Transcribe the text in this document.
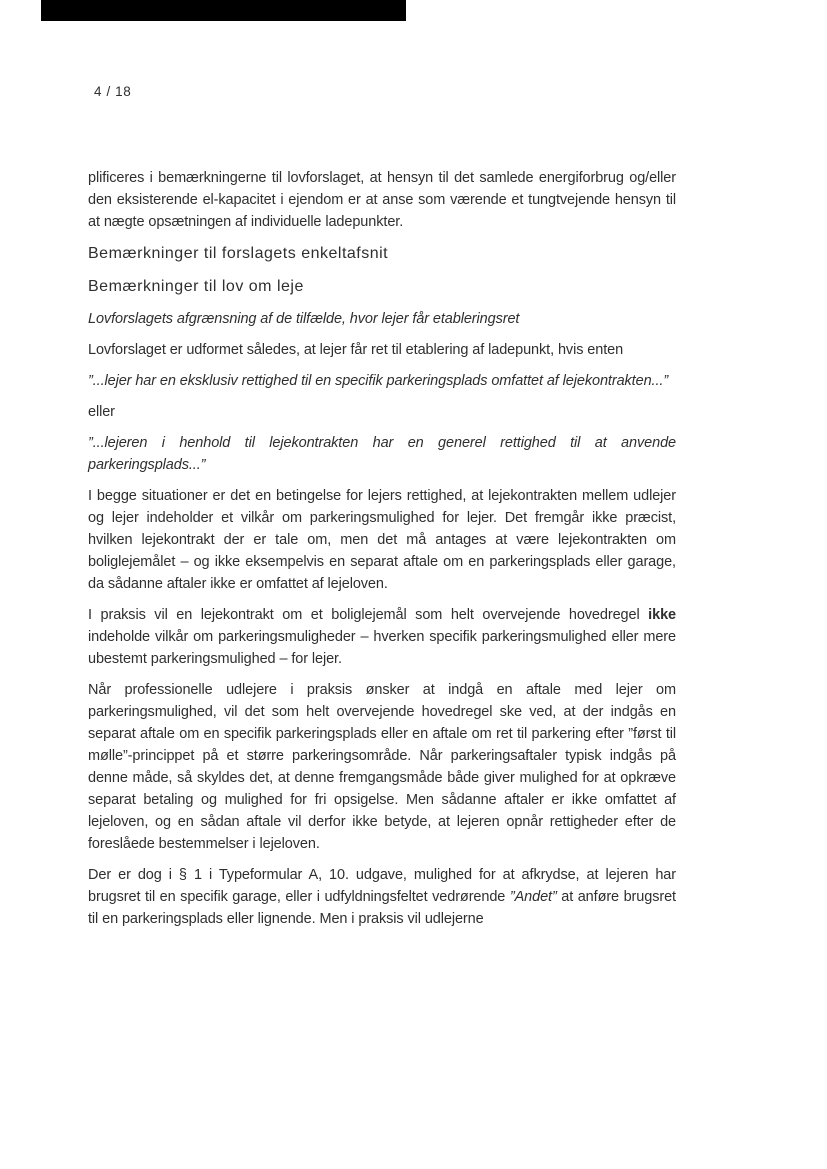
4 / 18

plificeres i bemærkningerne til lovforslaget, at hensyn til det samlede energiforbrug og/eller den eksisterende el-kapacitet i ejendom er at anse som værende et tungtvejende hensyn til at nægte opsætningen af individuelle ladepunkter.

Bemærkninger til forslagets enkeltafsnit

Bemærkninger til lov om leje

Lovforslagets afgrænsning af de tilfælde, hvor lejer får etableringsret

Lovforslaget er udformet således, at lejer får ret til etablering af ladepunkt, hvis enten

”...lejer har en eksklusiv rettighed til en specifik parkeringsplads omfattet af lejekontrakten...”

eller

”...lejeren i henhold til lejekontrakten har en generel rettighed til at anvende parkeringsplads...”

I begge situationer er det en betingelse for lejers rettighed, at lejekontrakten mellem udlejer og lejer indeholder et vilkår om parkeringsmulighed for lejer. Det fremgår ikke præcist, hvilken lejekontrakt der er tale om, men det må antages at være lejekontrakten om boliglejemålet – og ikke eksempelvis en separat aftale om en parkeringsplads eller garage, da sådanne aftaler ikke er omfattet af lejeloven.

I praksis vil en lejekontrakt om et boliglejemål som helt overvejende hovedregel ikke indeholde vilkår om parkeringsmuligheder – hverken specifik parkeringsmulighed eller mere ubestemt parkeringsmulighed – for lejer.

Når professionelle udlejere i praksis ønsker at indgå en aftale med lejer om parkeringsmulighed, vil det som helt overvejende hovedregel ske ved, at der indgås en separat aftale om en specifik parkeringsplads eller en aftale om ret til parkering efter ”først til mølle”-princippet på et større parkeringsområde. Når parkeringsaftaler typisk indgås på denne måde, så skyldes det, at denne fremgangsmåde både giver mulighed for at opkræve separat betaling og mulighed for fri opsigelse. Men sådanne aftaler er ikke omfattet af lejeloven, og en sådan aftale vil derfor ikke betyde, at lejeren opnår rettigheder efter de foreslåede bestemmelser i lejeloven.

Der er dog i § 1 i Typeformular A, 10. udgave, mulighed for at afkrydse, at lejeren har brugsret til en specifik garage, eller i udfyldningsfeltet vedrørende ”Andet” at anføre brugsret til en parkeringsplads eller lignende. Men i praksis vil udlejerne
